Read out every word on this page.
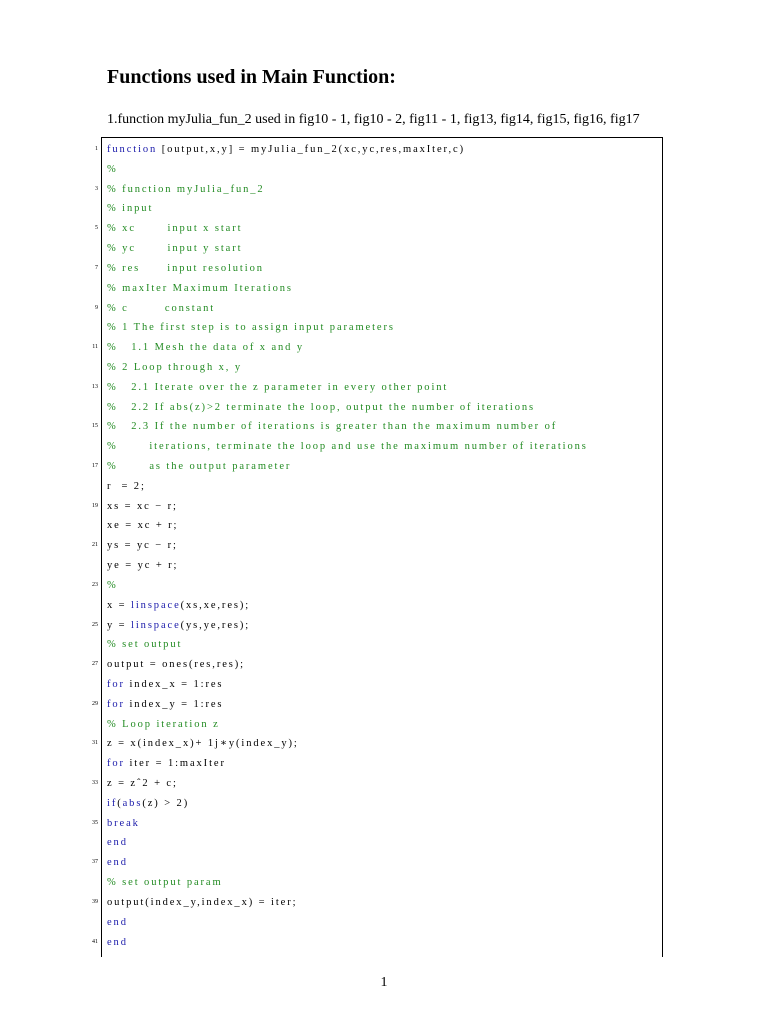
Functions used in Main Function:

1.function myJulia_fun_2 used in fig10 - 1, fig10 - 2, fig11 - 1, fig13, fig14, fig15, fig16, fig17

1 function [output,x,y] = myJulia_fun_2(xc,yc,res,maxIter,c)
%
3 % function myJulia_fun_2
% input
5 % xc       input x start
% yc       input y start
7 % res      input resolution
% maxIter Maximum Iterations
9 % c        constant
% 1 The first step is to assign input parameters
11 %   1.1 Mesh the data of x and y
% 2 Loop through x, y
13 %   2.1 Iterate over the z parameter in every other point
%   2.2 If abs(z)>2 terminate the loop, output the number of iterations
15 %   2.3 If the number of iterations is greater than the maximum number of
%       iterations, terminate the loop and use the maximum number of iterations
17 %       as the output parameter
r  = 2;
19 xs = xc − r;
xe = xc + r;
21 ys = yc − r;
ye = yc + r;
23 %
x = linspace(xs,xe,res);
25 y = linspace(ys,ye,res);
% set output
27 output = ones(res,res);
for index_x = 1:res
29 for index_y = 1:res
% Loop iteration z
31 z = x(index_x)+ 1j∗y(index_y);
for iter = 1:maxIter
33 z = zˆ2 + c;
if(abs(z) > 2)
35 break
end
37 end
% set output param
39 output(index_y,index_x) = iter;
end
41 end
1
